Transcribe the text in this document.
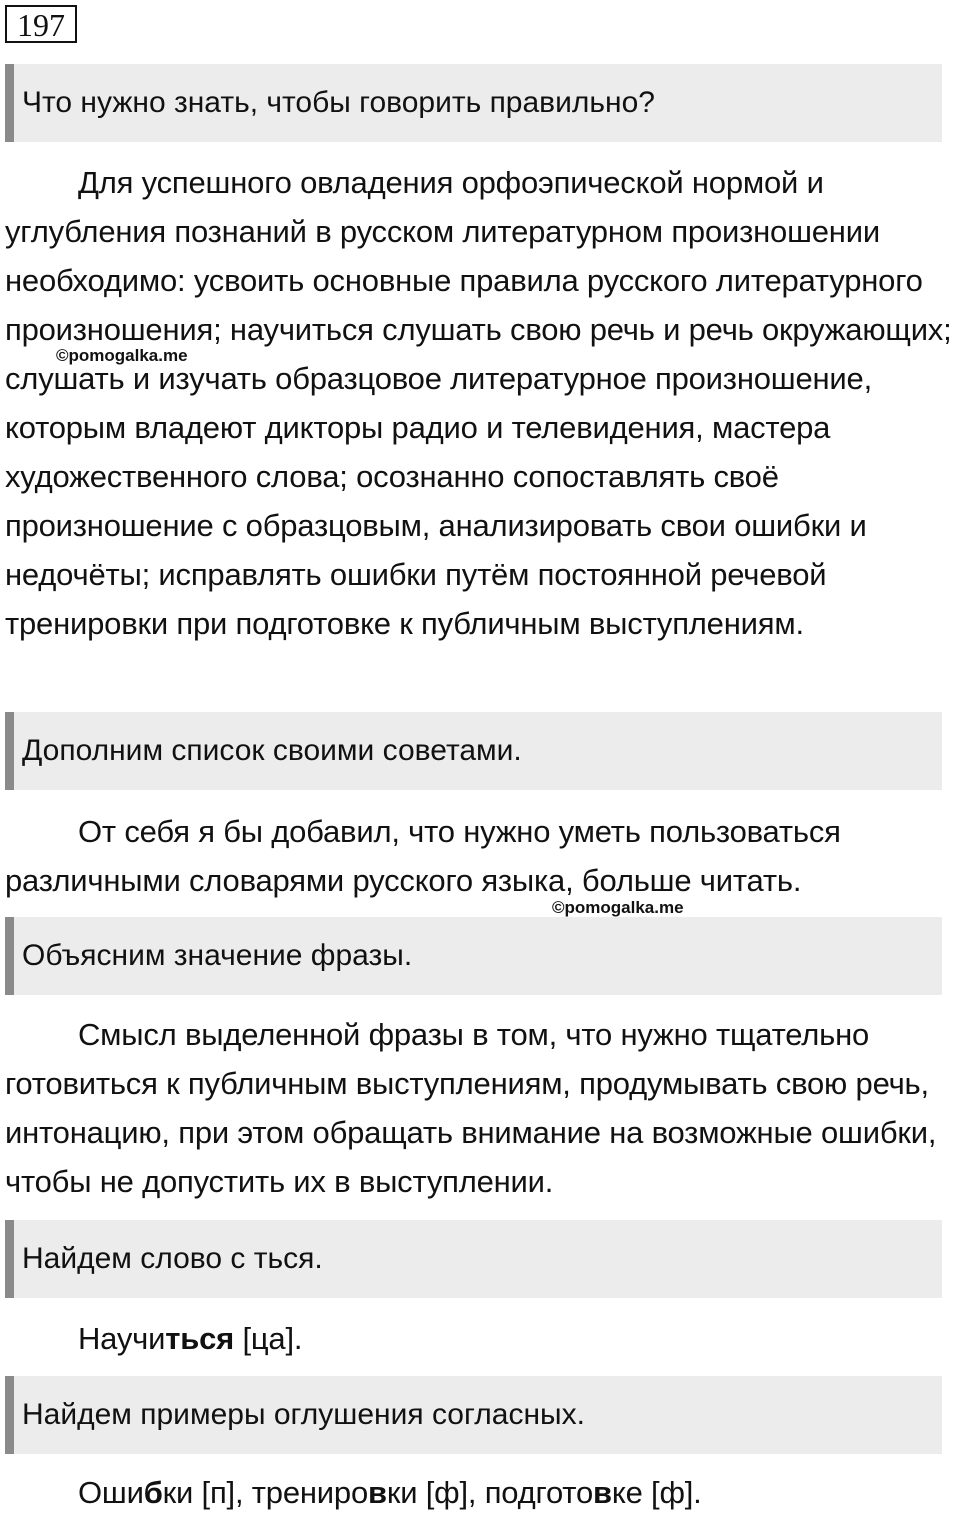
197
Что нужно знать, чтобы говорить правильно?
Для успешного овладения орфоэпической нормой и углубления познаний в русском литературном произношении необходимо: усвоить основные правила русского литературного произношения; научиться слушать свою речь и речь окружающих; слушать и изучать образцовое литературное произношение, которым владеют дикторы радио и телевидения, мастера художественного слова; осознанно сопоставлять своё произношение с образцовым, анализировать свои ошибки и недочёты; исправлять ошибки путём постоянной речевой тренировки при подготовке к публичным выступлениям.
©pomogalka.me
Дополним список своими советами.
От себя я бы добавил, что нужно уметь пользоваться различными словарями русского языка, больше читать.
©pomogalka.me
Объясним значение фразы.
Смысл выделенной фразы в том, что нужно тщательно готовиться к публичным выступлениям, продумывать свою речь, интонацию, при этом обращать внимание на возможные ошибки, чтобы не допустить их в выступлении.
Найдем слово с ться.
Научиться [ца].
Найдем примеры оглушения согласных.
Ошибки [п], тренировки [ф], подготовке [ф].
